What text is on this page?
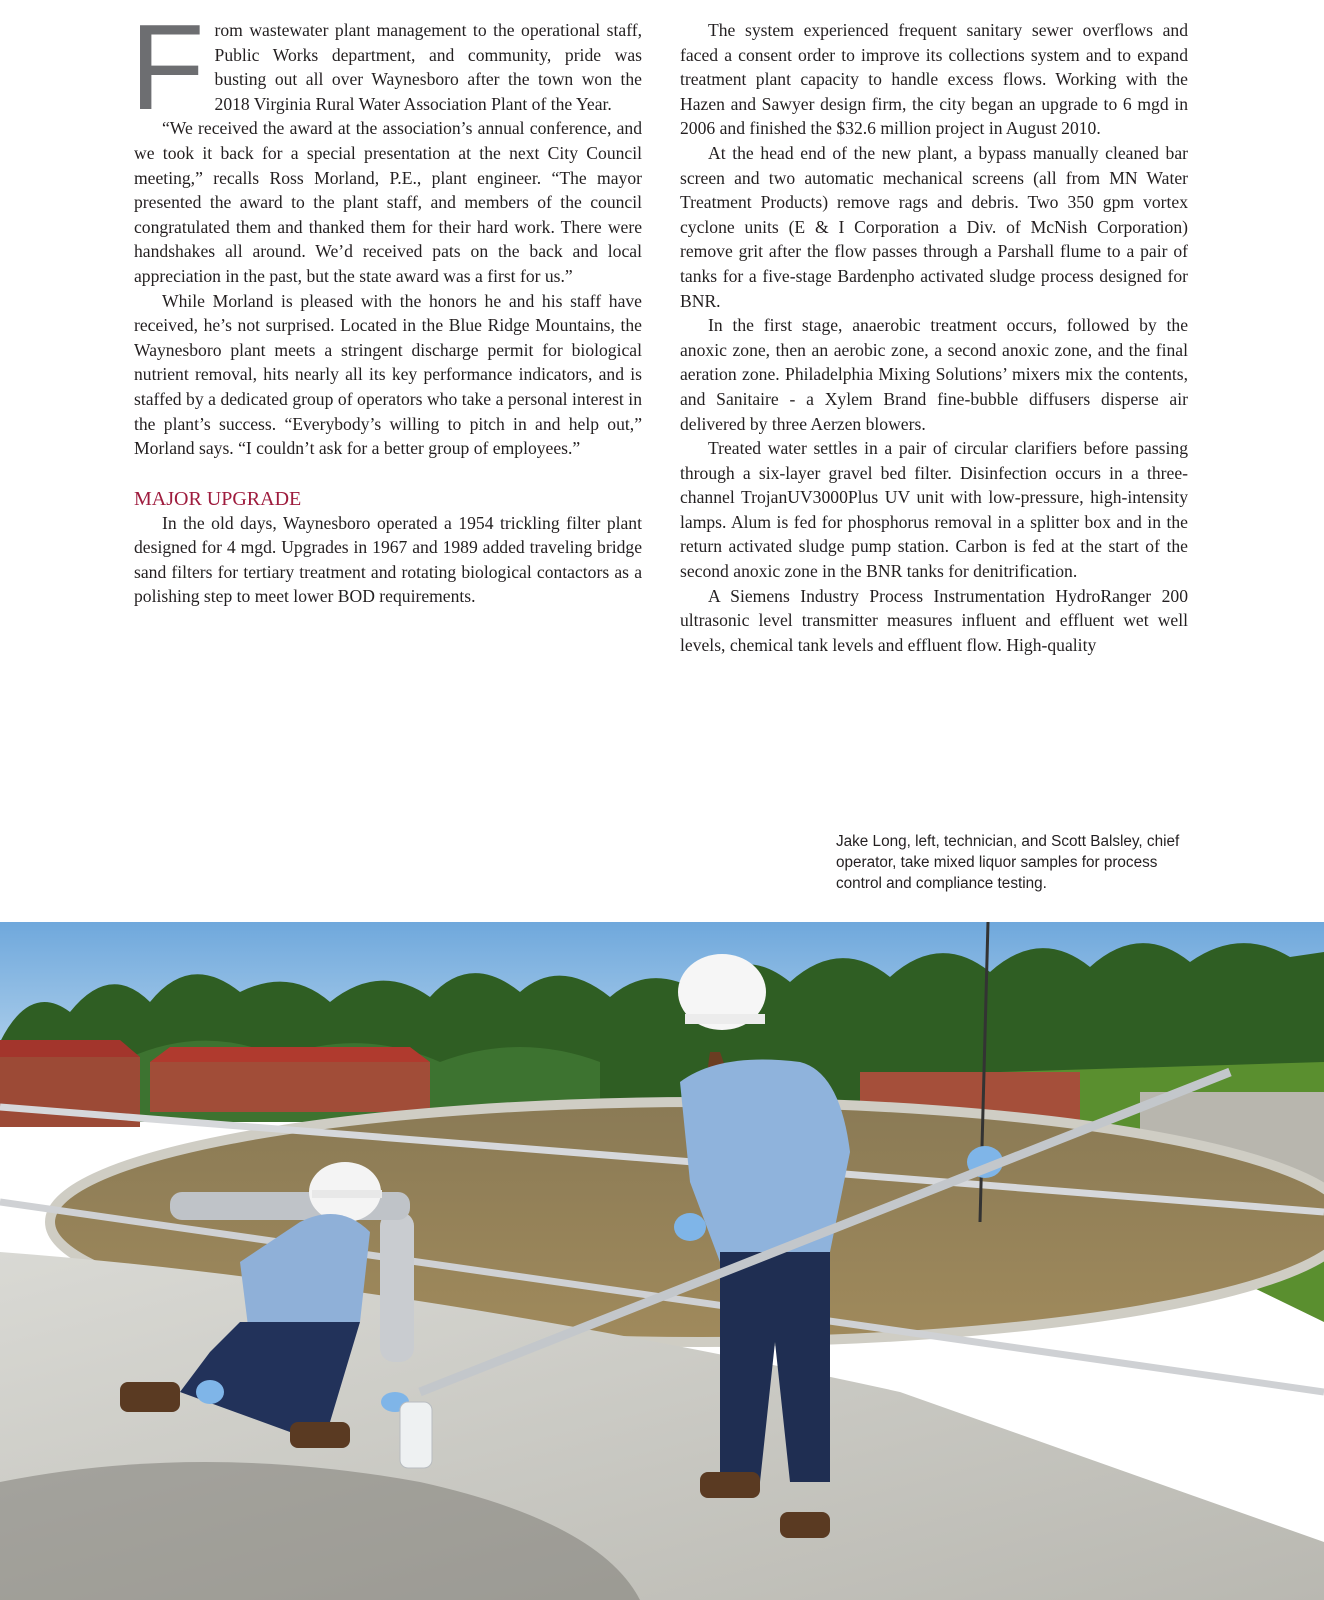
From wastewater plant management to the operational staff, Public Works department, and community, pride was busting out all over Waynesboro after the town won the 2018 Virginia Rural Water Association Plant of the Year.

“We received the award at the association’s annual conference, and we took it back for a special presentation at the next City Council meeting,” recalls Ross Morland, P.E., plant engineer. “The mayor presented the award to the plant staff, and members of the council congratulated them and thanked them for their hard work. There were handshakes all around. We’d received pats on the back and local appreciation in the past, but the state award was a first for us.”

While Morland is pleased with the honors he and his staff have received, he’s not surprised. Located in the Blue Ridge Mountains, the Waynesboro plant meets a stringent discharge permit for biological nutrient removal, hits nearly all its key performance indicators, and is staffed by a dedicated group of operators who take a personal interest in the plant’s success. “Everybody’s willing to pitch in and help out,” Morland says. “I couldn’t ask for a better group of employees.”

MAJOR UPGRADE

In the old days, Waynesboro operated a 1954 trickling filter plant designed for 4 mgd. Upgrades in 1967 and 1989 added traveling bridge sand filters for tertiary treatment and rotating biological contactors as a polishing step to meet lower BOD requirements.

The system experienced frequent sanitary sewer overflows and faced a consent order to improve its collections system and to expand treatment plant capacity to handle excess flows. Working with the Hazen and Sawyer design firm, the city began an upgrade to 6 mgd in 2006 and finished the $32.6 million project in August 2010.

At the head end of the new plant, a bypass manually cleaned bar screen and two automatic mechanical screens (all from MN Water Treatment Products) remove rags and debris. Two 350 gpm vortex cyclone units (E & I Corporation a Div. of McNish Corporation) remove grit after the flow passes through a Parshall flume to a pair of tanks for a five-stage Bardenpho activated sludge process designed for BNR.

In the first stage, anaerobic treatment occurs, followed by the anoxic zone, then an aerobic zone, a second anoxic zone, and the final aeration zone. Philadelphia Mixing Solutions’ mixers mix the contents, and Sanitaire - a Xylem Brand fine-bubble diffusers disperse air delivered by three Aerzen blowers.

Treated water settles in a pair of circular clarifiers before passing through a six-layer gravel bed filter. Disinfection occurs in a three-channel TrojanUV3000Plus UV unit with low-pressure, high-intensity lamps. Alum is fed for phosphorus removal in a splitter box and in the return activated sludge pump station. Carbon is fed at the start of the second anoxic zone in the BNR tanks for denitrification.

A Siemens Industry Process Instrumentation HydroRanger 200 ultrasonic level transmitter measures influent and effluent wet well levels, chemical tank levels and effluent flow. High-quality

Jake Long, left, technician, and Scott Balsley, chief operator, take mixed liquor samples for process control and compliance testing.
